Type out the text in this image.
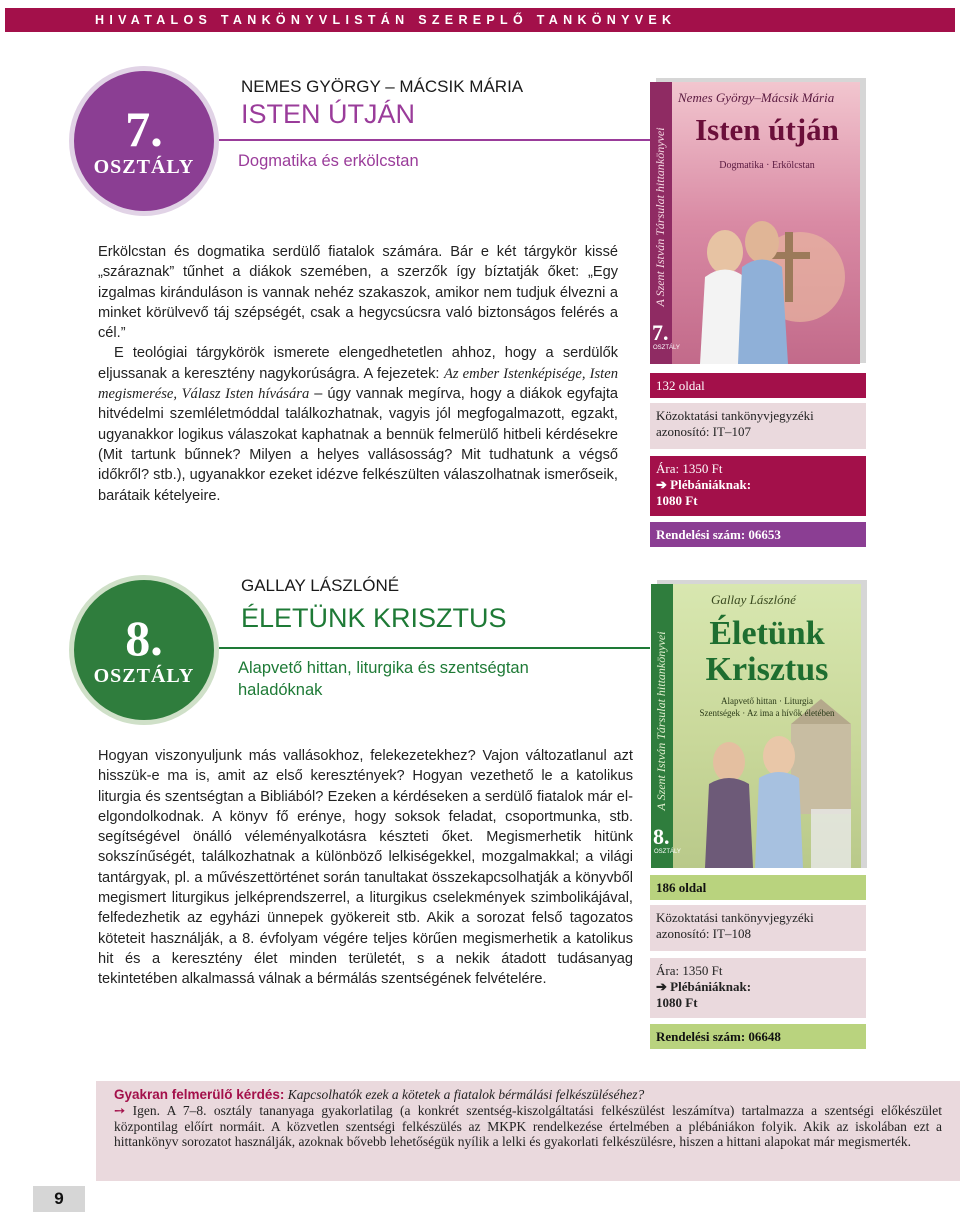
HIVATALOS TANKÖNYVLISTÁN SZEREPLŐ TANKÖNYVEK
7.
OSZTÁLY
NEMES GYÖRGY – MÁCSIK MÁRIA
ISTEN ÚTJÁN
Dogmatika és erkölcstan

Erkölcstan és dogmatika serdülő fiatalok számára. Bár e két tárgykör kissé „száraznak” tűnhet a diákok szemében, a szerzők így bíztatják őket: „Egy izgalmas kiránduláson is vannak nehéz szakaszok, amikor nem tudjuk élvezni a minket körülvevő táj szépségét, csak a hegycsúcsra való biztonságos felérés a cél.”

E teológiai tárgykörök ismerete elengedhetetlen ahhoz, hogy a serdülők eljussanak a keresztény nagykorúságra. A fejezetek: Az ember Istenképisége, Isten megismerése, Válasz Isten hívására – úgy vannak megírva, hogy a diákok egyfajta hitvédelmi szemléletmóddal találkozhatnak, vagyis jól megfogalmazott, egzakt, ugyanakkor logikus válaszokat kaphatnak a bennük felmerülő hitbeli kérdésekre (Mit tartunk bűnnek? Milyen a helyes vallásosság? Mit tudhatunk a végső időkről? stb.), ugyanakkor ezeket idézve felkészülten válaszolhatnak ismerőseik, barátaik kételyeire.

Nemes György–Mácsik Mária
Isten útján
Dogmatika · Erkölcstan
A Szent István Társulat hittankönyvei
7.
OSZTÁLY
132 oldal
Közoktatási tankönyvjegyzéki
azonosító: IT–107
Ára: 1350 Ft
➔ Plébániáknak:
1080 Ft
Rendelési szám: 06653
8.
OSZTÁLY
GALLAY LÁSZLÓNÉ
ÉLETÜNK KRISZTUS
Alapvető hittan, liturgika és szentségtan haladóknak

Hogyan viszonyuljunk más vallásokhoz, felekezetekhez? Vajon változatlanul azt hisszük-e ma is, amit az első keresztények? Hogyan vezethető le a katolikus liturgia és szentségtan a Bibliából? Ezeken a kérdéseken a serdülő fiatalok már el-elgondolkodnak. A könyv fő erénye, hogy soksok feladat, csoportmunka, stb. segítségével önálló véleményalkotásra készteti őket. Megismerhetik hitünk sokszínűségét, találkozhatnak a különböző lelkiségekkel, mozgalmakkal; a világi tantárgyak, pl. a művészettörténet során tanultakat összekapcsolhatják a könyvből megismert liturgikus jelképrendszerrel, a liturgikus cselekmények szimbolikájával, felfedezhetik az egyházi ünnepek gyökereit stb. Akik a sorozat felső tagozatos köteteit használják, a 8. évfolyam végére teljes körűen megismerhetik a katolikus hit és a keresztény élet minden területét, s a nekik átadott tudásanyag tekintetében alkalmassá válnak a bérmálás szentségének felvételére.

Gallay Lászlóné
Életünk
Krisztus
Alapvető hittan · Liturgia
Szentségek · Az ima a hívők életében
A Szent István Társulat hittankönyvei
8.
OSZTÁLY
186 oldal
Közoktatási tankönyvjegyzéki
azonosító: IT–108
Ára: 1350 Ft
➔ Plébániáknak:
1080 Ft
Rendelési szám: 06648
Gyakran felmerülő kérdés: Kapcsolhatók ezek a kötetek a fiatalok bérmálási felkészüléséhez?
➙ Igen. A 7–8. osztály tananyaga gyakorlatilag (a konkrét szentség-kiszolgáltatási felkészülést leszámítva) tartalmazza a szentségi előkészület központilag előírt normáit. A közvetlen szentségi felkészülés az MKPK rendelkezése értelmében a plébániákon folyik. Akik az iskolában ezt a hittankönyv sorozatot használják, azoknak bővebb lehetőségük nyílik a lelki és gyakorlati felkészülésre, hiszen a hittani alapokat már megismerték.
9
